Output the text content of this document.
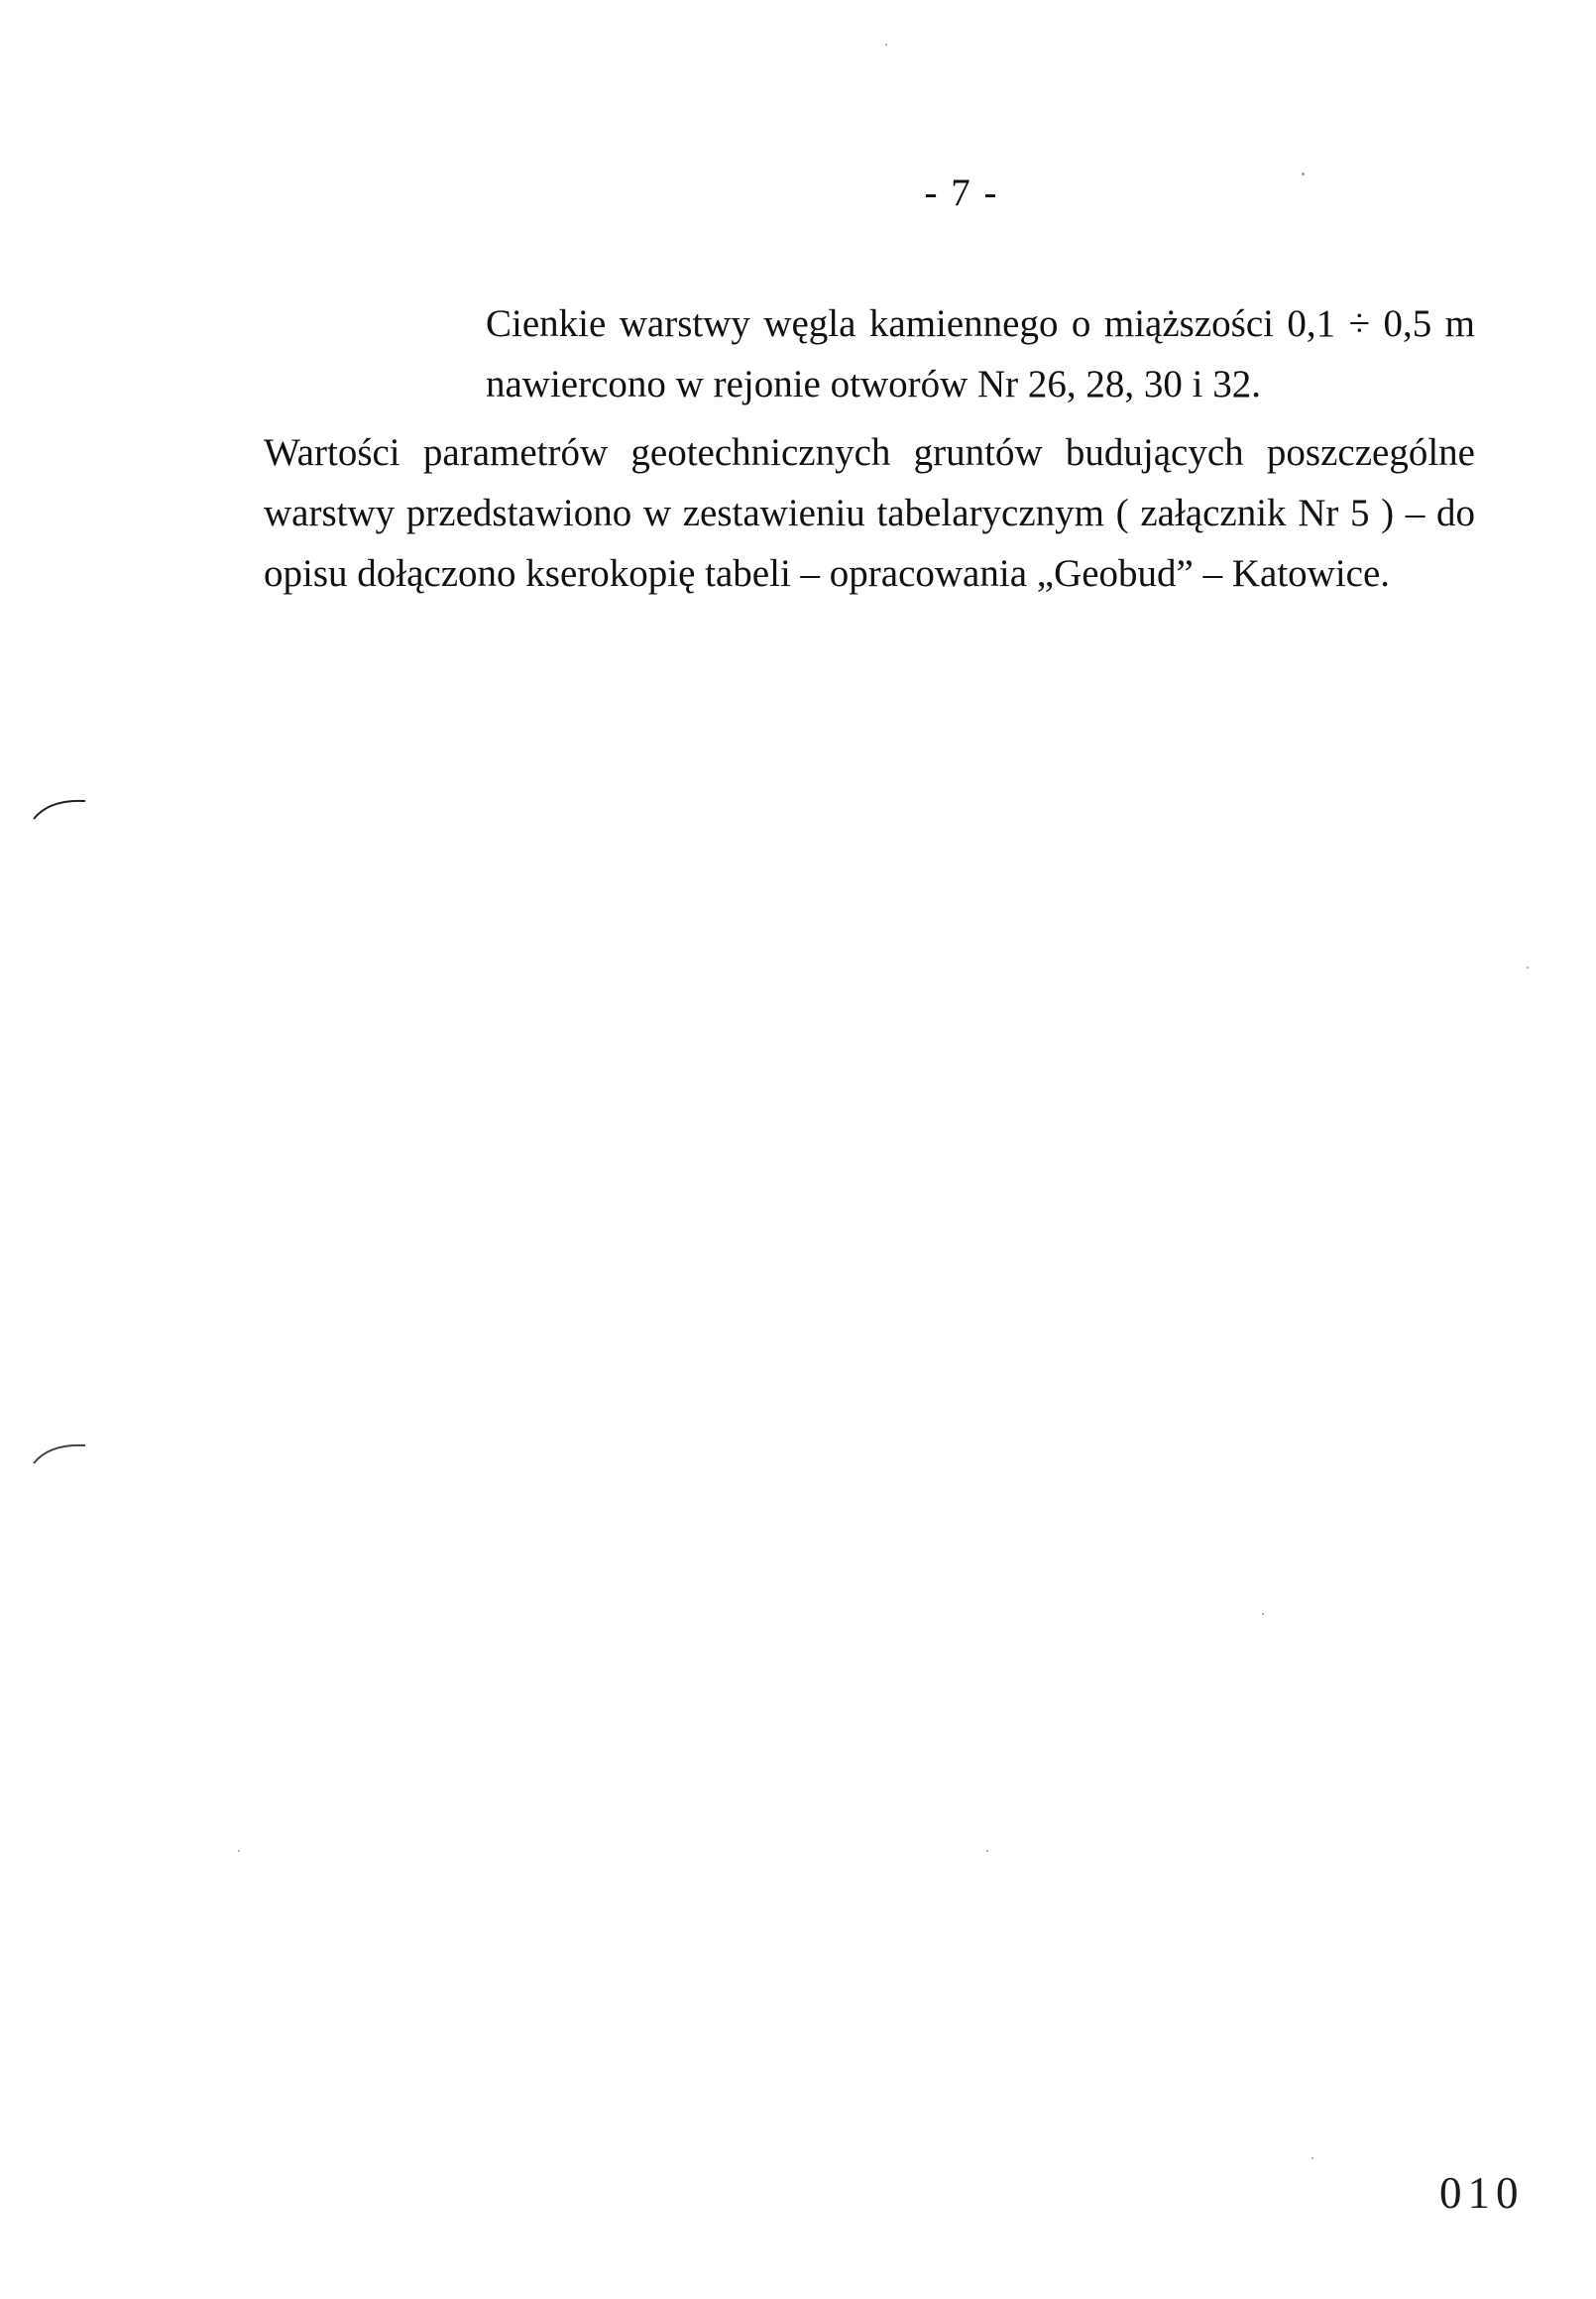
- 7 -
Cienkie warstwy węgla kamiennego o miąższości 0,1 ÷ 0,5 m
nawiercono w rejonie otworów Nr 26, 28, 30 i 32.
Wartości parametrów geotechnicznych gruntów budujących poszczególne
warstwy przedstawiono w zestawieniu tabelarycznym ( załącznik Nr 5 ) – do
opisu dołączono kserokopię tabeli – opracowania „Geobud” – Katowice.
010
